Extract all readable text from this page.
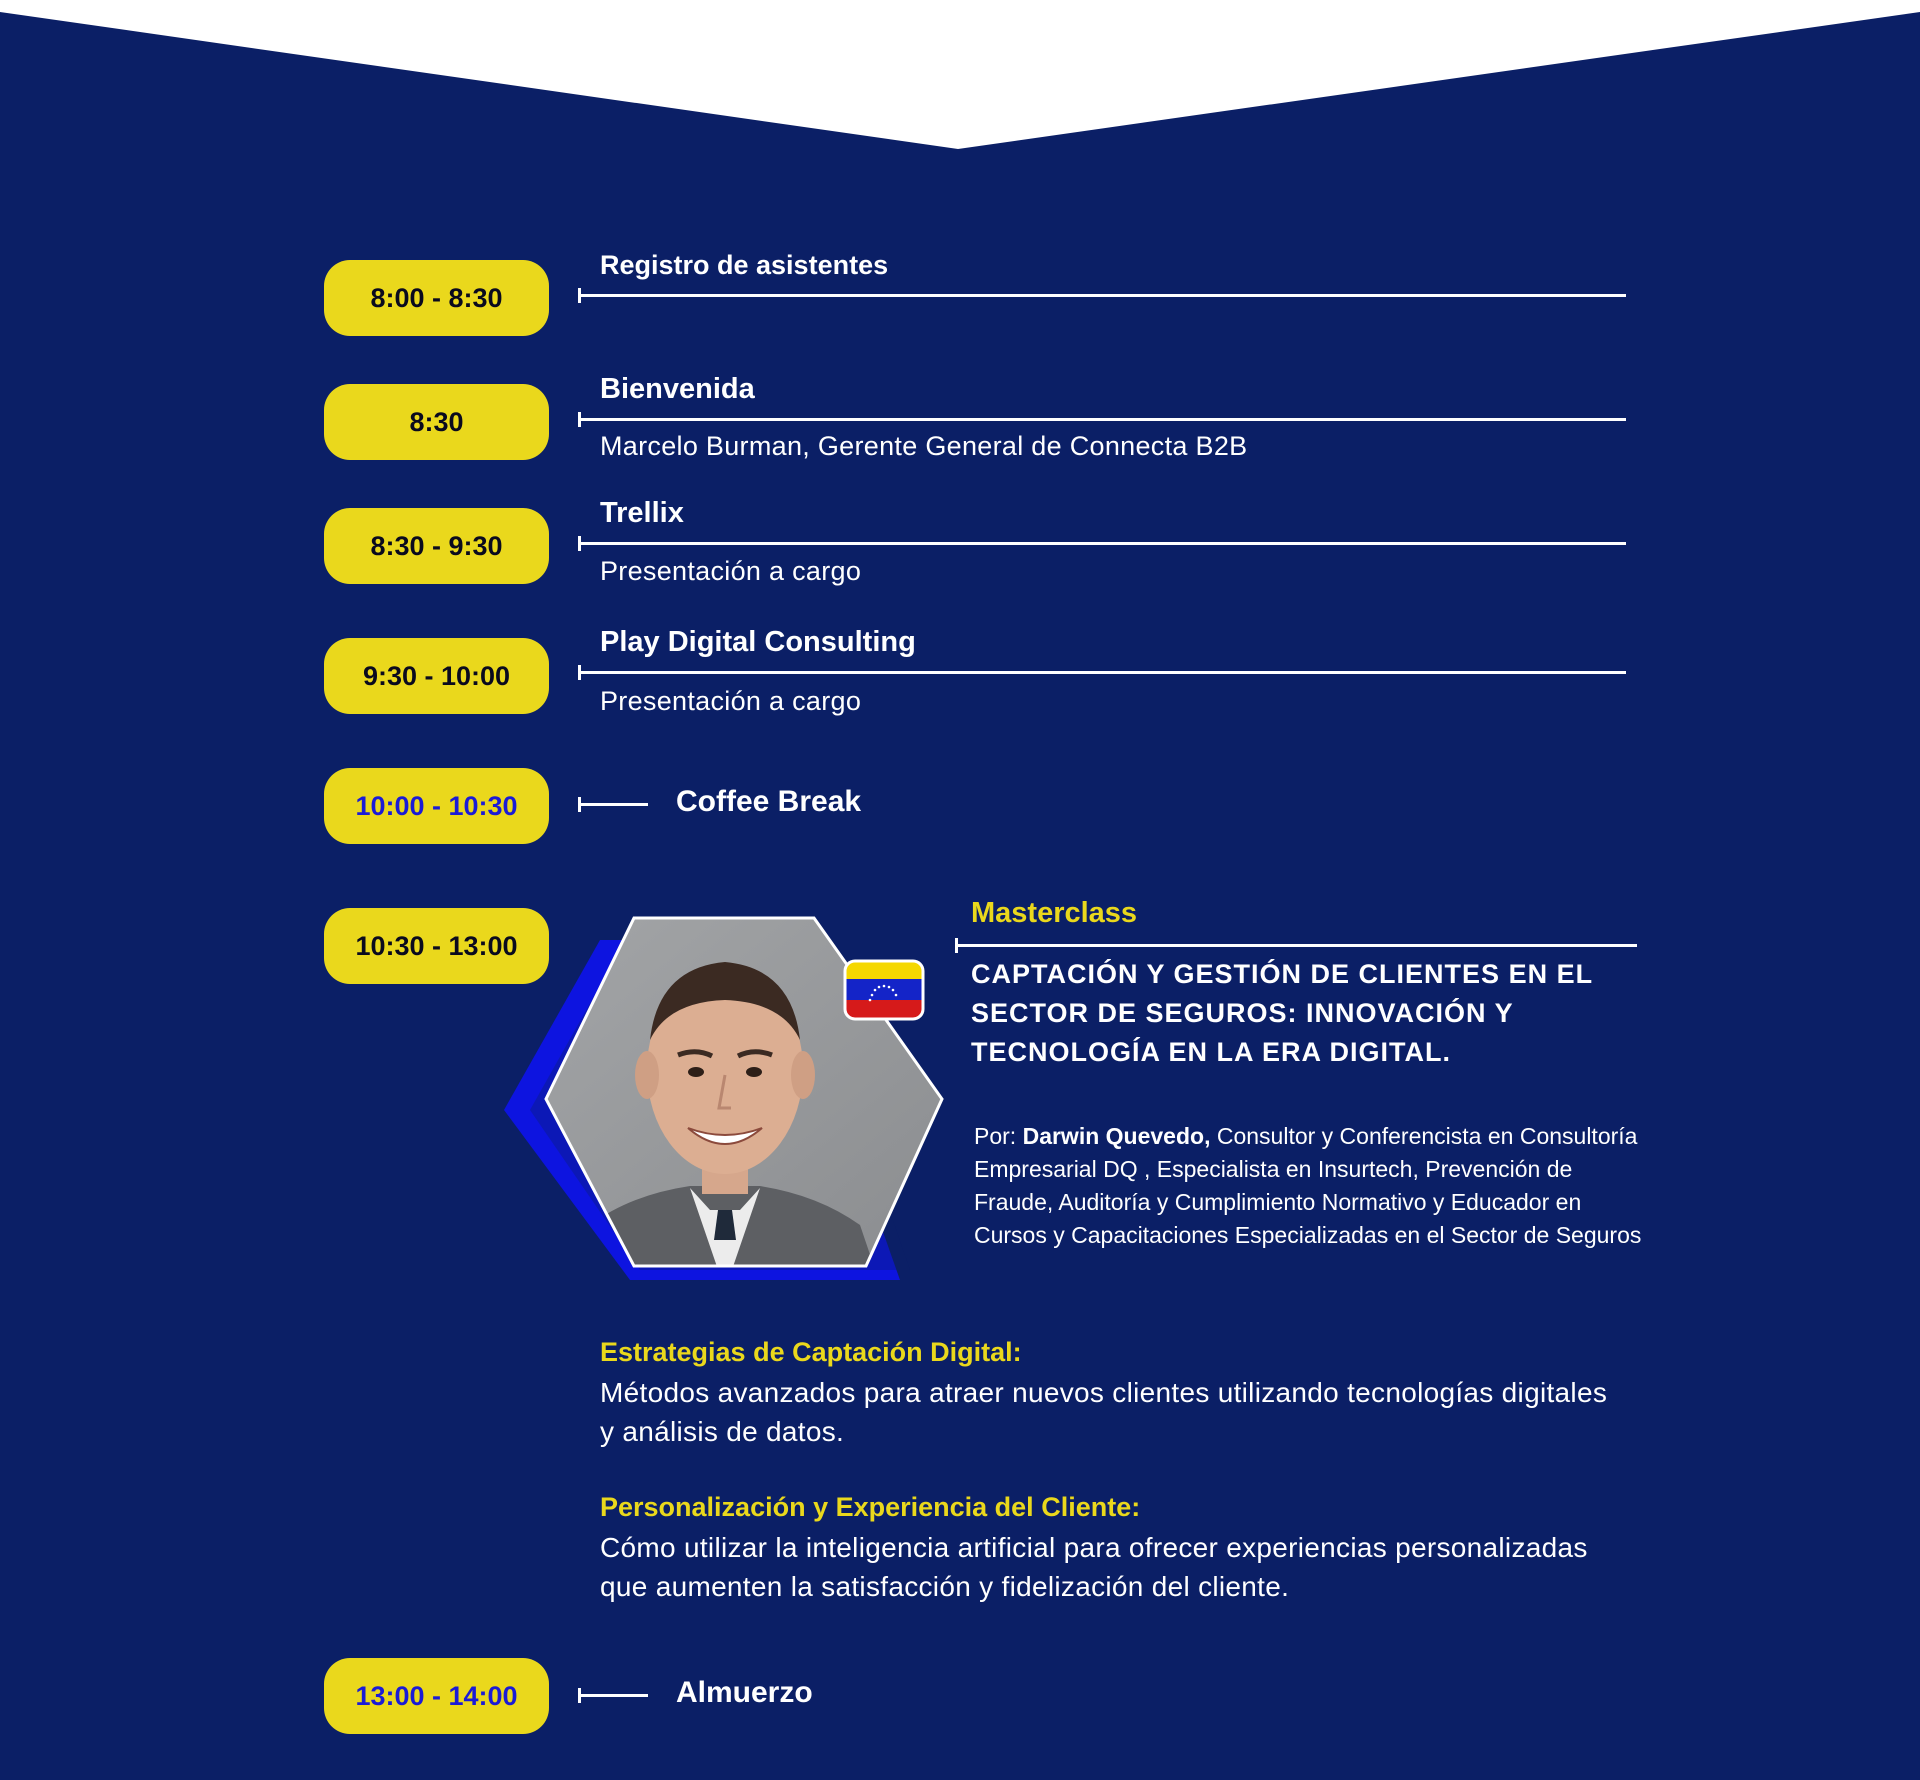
8:00 - 8:30
Registro de asistentes
8:30
Bienvenida
Marcelo Burman, Gerente General de Connecta B2B
8:30 - 9:30
Trellix
Presentación a cargo
9:30 - 10:00
Play Digital Consulting
Presentación a cargo
10:00 - 10:30	Coffee Break
10:30 - 13:00
Masterclass
CAPTACIÓN Y GESTIÓN DE CLIENTES EN EL SECTOR DE SEGUROS: INNOVACIÓN Y TECNOLOGÍA EN LA ERA DIGITAL.
Por: Darwin Quevedo, Consultor y Conferencista en Consultoría Empresarial DQ , Especialista en Insurtech, Prevención de Fraude, Auditoría y Cumplimiento Normativo y Educador en Cursos y Capacitaciones Especializadas en el Sector de Seguros
Estrategias de Captación Digital:
Métodos avanzados para atraer nuevos clientes utilizando tecnologías digitales y análisis de datos.
Personalización y Experiencia del Cliente:
Cómo utilizar la inteligencia artificial para ofrecer experiencias personalizadas que aumenten la satisfacción y fidelización del cliente.
13:00 - 14:00	Almuerzo
